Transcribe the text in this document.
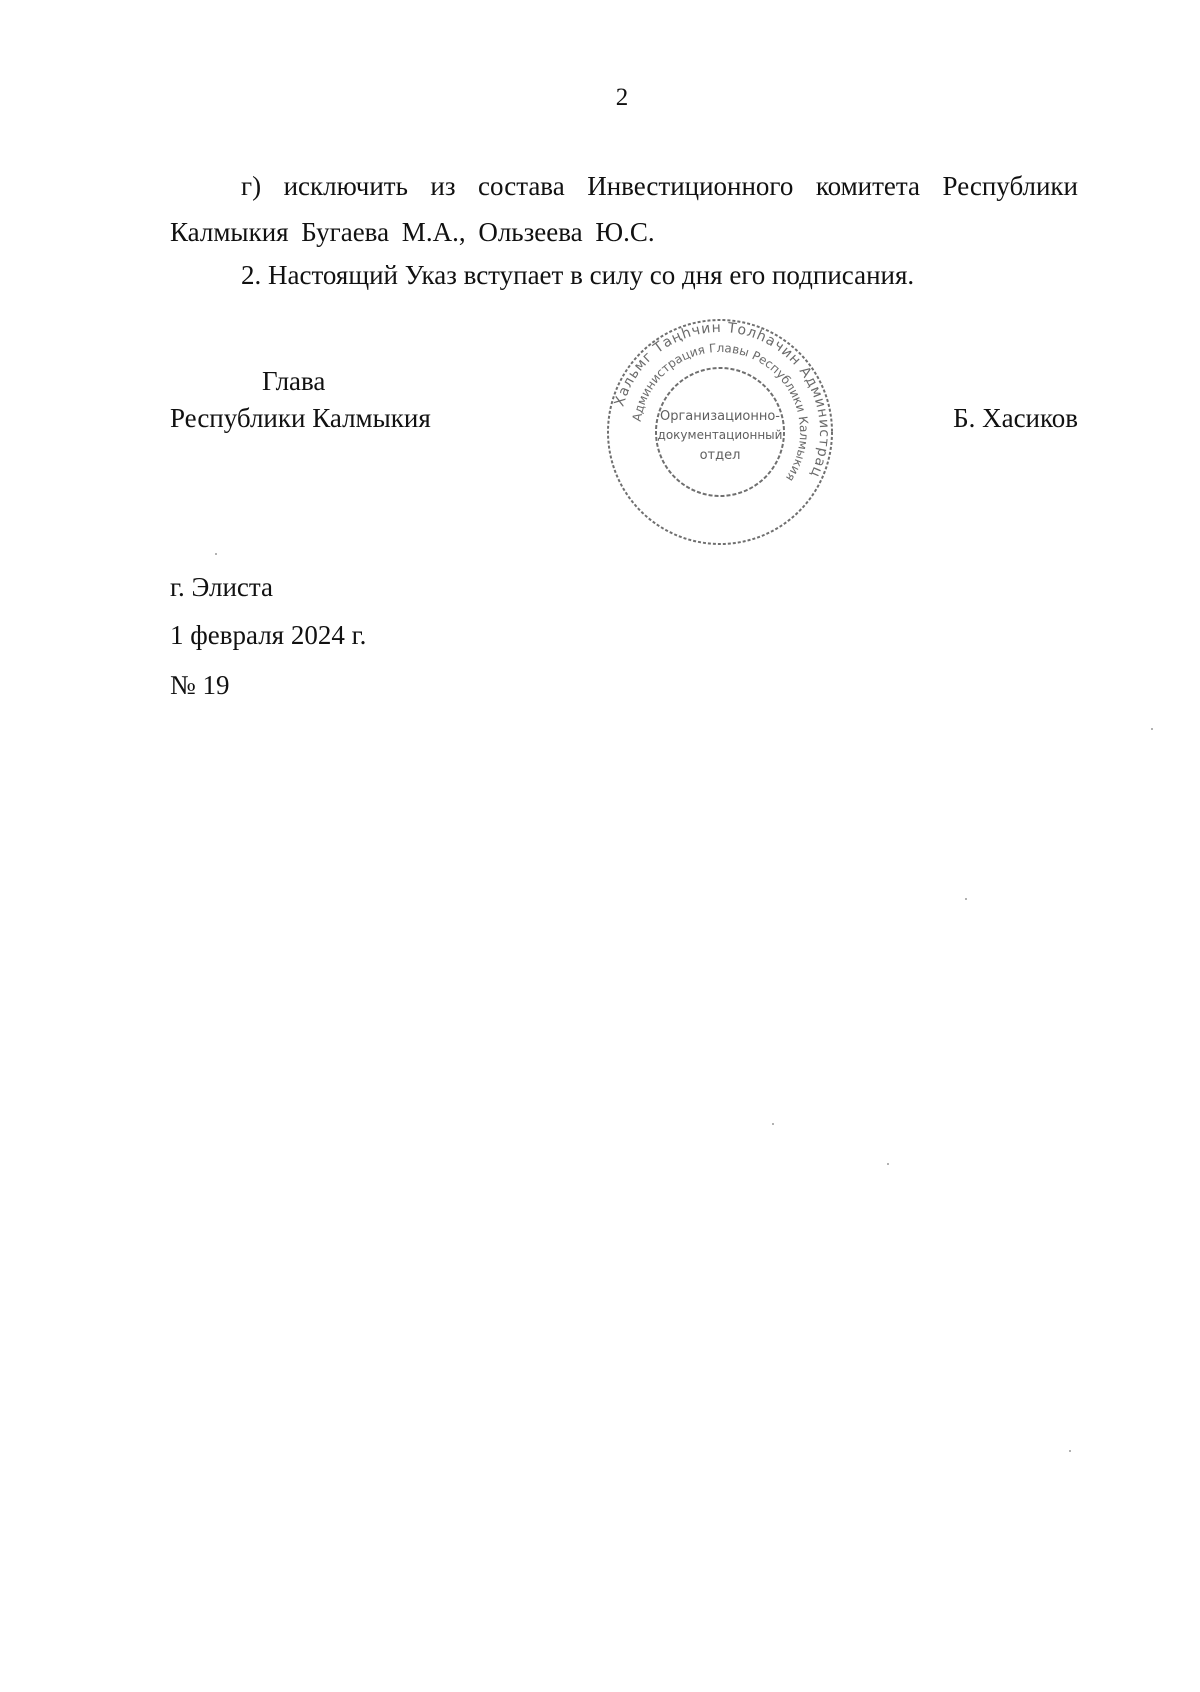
2

г) исключить из состава Инвестиционного комитета Республики Калмыкия Бугаева М.А., Ользеева Ю.С.

2. Настоящий Указ вступает в силу со дня его подписания.

Глава
Республики Калмыкия
Хальмг Таңһчин Толһачин Администрац
Администрация Главы Республики Калмыкия
Организационно-
документационный
отдел
Б. Хасиков
г. Элиста
1 февраля 2024 г.
№ 19
